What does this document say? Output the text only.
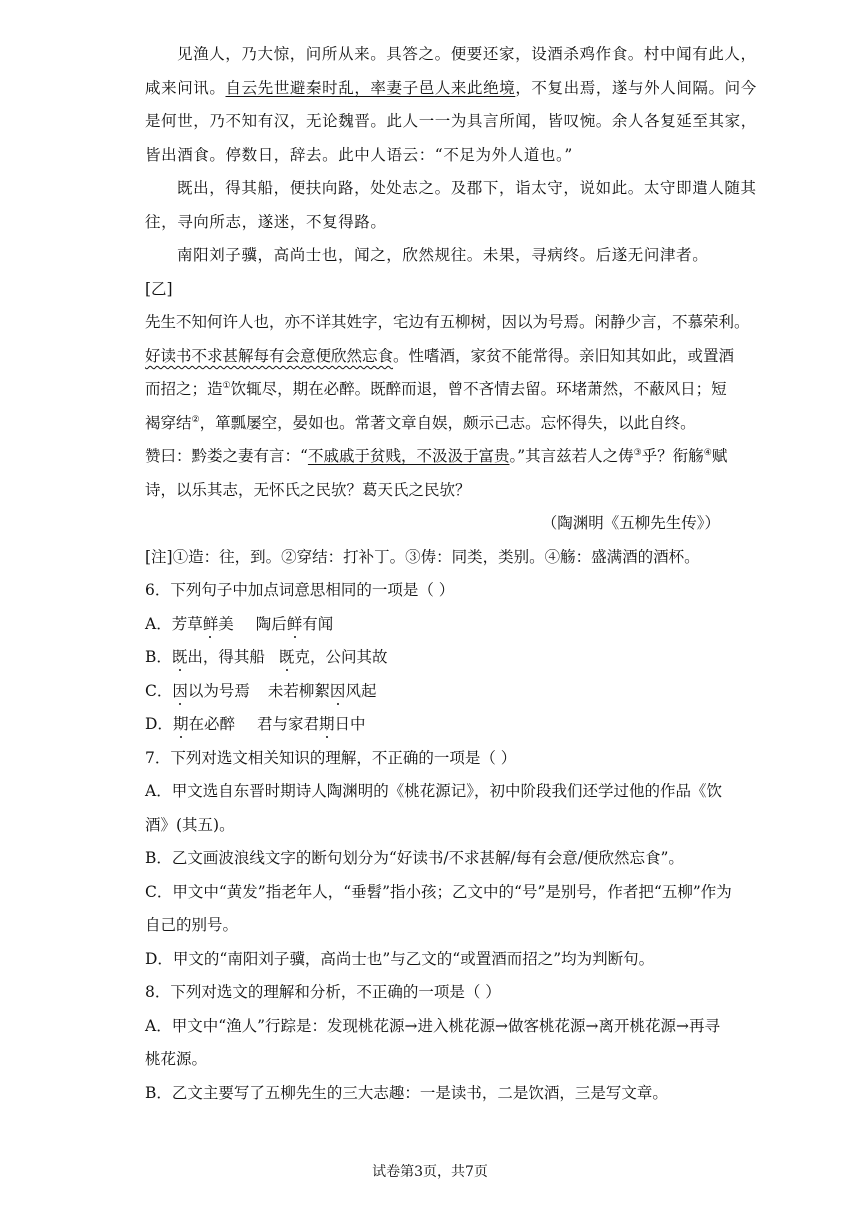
见渔人，乃大惊，问所从来。具答之。便要还家，设酒杀鸡作食。村中闻有此人，
咸来问讯。自云先世避秦时乱，率妻子邑人来此绝境，不复出焉，遂与外人间隔。问今
是何世，乃不知有汉，无论魏晋。此人一一为具言所闻，皆叹惋。余人各复延至其家，
皆出酒食。停数日，辞去。此中人语云：“不足为外人道也。”
既出，得其船，便扶向路，处处志之。及郡下，诣太守，说如此。太守即遣人随其
往，寻向所志，遂迷，不复得路。
南阳刘子骥，高尚士也，闻之，欣然规往。未果，寻病终。后遂无问津者。
[乙]
先生不知何许人也，亦不详其姓字，宅边有五柳树，因以为号焉。闲静少言，不慕荣利。
好读书不求甚解每有会意便欣然忘食。性嗜酒，家贫不能常得。亲旧知其如此，或置酒
而招之；造①饮辄尽，期在必醉。既醉而退，曾不吝情去留。环堵萧然，不蔽风日；短
褐穿结②，箪瓢屡空，晏如也。常著文章自娱，颇示己志。忘怀得失，以此自终。
赞曰：黔娄之妻有言：“不戚戚于贫贱，不汲汲于富贵。”其言兹若人之俦③乎？衔觞④赋
诗，以乐其志，无怀氏之民欤？葛天氏之民欤？
（陶渊明《五柳先生传》）
[注]①造：往，到。②穿结：打补丁。③俦：同类，类别。④觞：盛满酒的酒杯。
6．下列句子中加点词意思相同的一项是（ ）
A．芳草鲜美 陶后鲜有闻
B．既出，得其船 既克，公问其故
C．因以为号焉 未若柳絮因风起
D．期在必醉 君与家君期日中
7．下列对选文相关知识的理解，不正确的一项是（ ）
A．甲文选自东晋时期诗人陶渊明的《桃花源记》，初中阶段我们还学过他的作品《饮
酒》(其五)。
B．乙文画波浪线文字的断句划分为“好读书/不求甚解/每有会意/便欣然忘食”。
C．甲文中“黄发”指老年人，“垂髫”指小孩；乙文中的“号”是别号，作者把“五柳”作为
自己的别号。
D．甲文的“南阳刘子骥，高尚士也”与乙文的“或置酒而招之”均为判断句。
8．下列对选文的理解和分析，不正确的一项是（ ）
A．甲文中“渔人”行踪是：发现桃花源→进入桃花源→做客桃花源→离开桃花源→再寻
桃花源。
B．乙文主要写了五柳先生的三大志趣：一是读书，二是饮酒，三是写文章。
试卷第3页，共7页
